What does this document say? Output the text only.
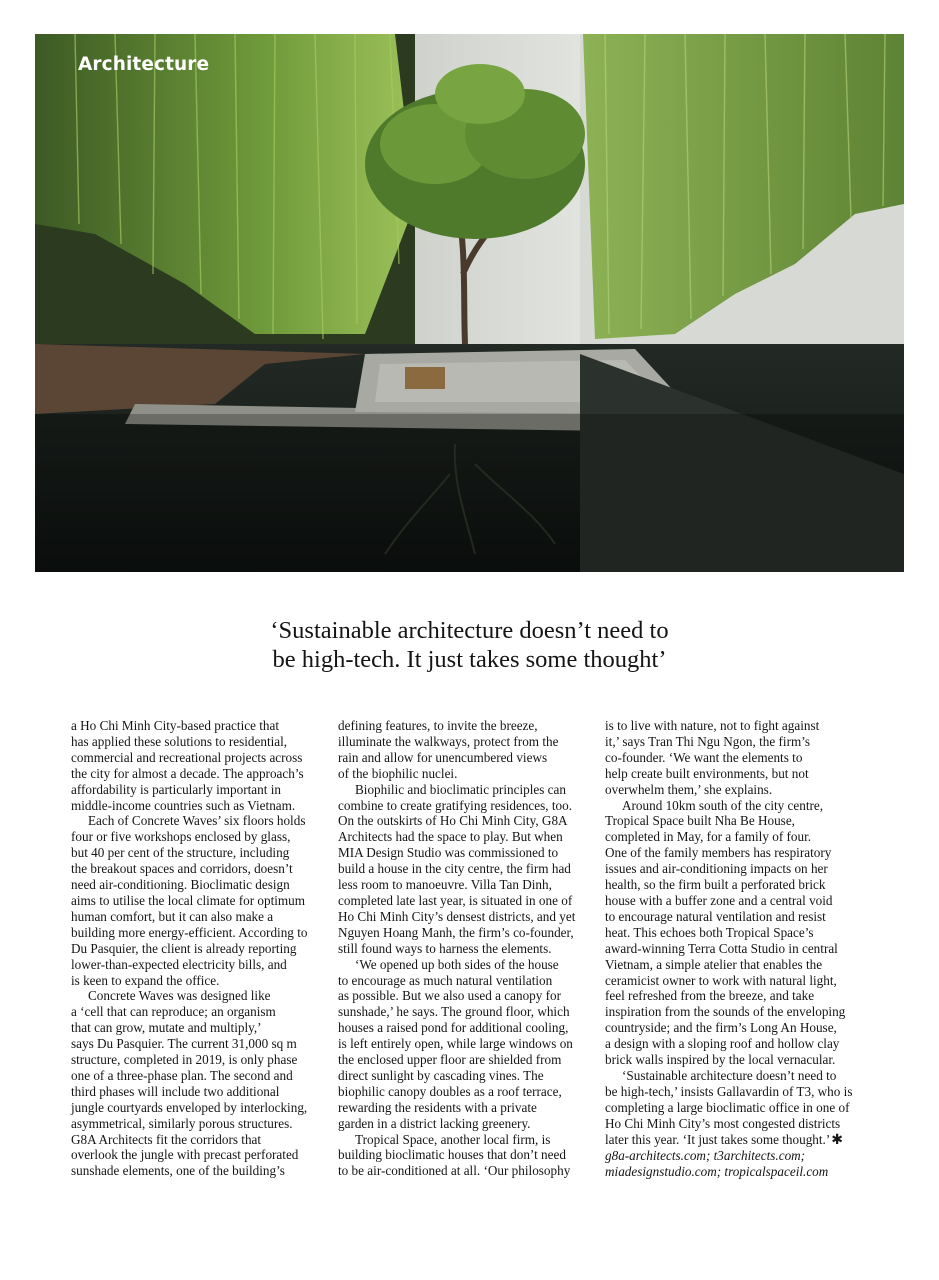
Architecture
‘Sustainable architecture doesn’t need to
be high-tech. It just takes some thought’
a Ho Chi Minh City-based practice that
has applied these solutions to residential,
commercial and recreational projects across
the city for almost a decade. The approach’s
affordability is particularly important in
middle-income countries such as Vietnam.
Each of Concrete Waves’ six floors holds
four or five workshops enclosed by glass,
but 40 per cent of the structure, including
the breakout spaces and corridors, doesn’t
need air-conditioning. Bioclimatic design
aims to utilise the local climate for optimum
human comfort, but it can also make a
building more energy-efficient. According to
Du Pasquier, the client is already reporting
lower-than-expected electricity bills, and
is keen to expand the office.
Concrete Waves was designed like
a ‘cell that can reproduce; an organism
that can grow, mutate and multiply,’
says Du Pasquier. The current 31,000 sq m
structure, completed in 2019, is only phase
one of a three-phase plan. The second and
third phases will include two additional
jungle courtyards enveloped by interlocking,
asymmetrical, similarly porous structures.
G8A Architects fit the corridors that
overlook the jungle with precast perforated
sunshade elements, one of the building’s
defining features, to invite the breeze,
illuminate the walkways, protect from the
rain and allow for unencumbered views
of the biophilic nuclei.
Biophilic and bioclimatic principles can
combine to create gratifying residences, too.
On the outskirts of Ho Chi Minh City, G8A
Architects had the space to play. But when
MIA Design Studio was commissioned to
build a house in the city centre, the firm had
less room to manoeuvre. Villa Tan Dinh,
completed late last year, is situated in one of
Ho Chi Minh City’s densest districts, and yet
Nguyen Hoang Manh, the firm’s co-founder,
still found ways to harness the elements.
‘We opened up both sides of the house
to encourage as much natural ventilation
as possible. But we also used a canopy for
sunshade,’ he says. The ground floor, which
houses a raised pond for additional cooling,
is left entirely open, while large windows on
the enclosed upper floor are shielded from
direct sunlight by cascading vines. The
biophilic canopy doubles as a roof terrace,
rewarding the residents with a private
garden in a district lacking greenery.
Tropical Space, another local firm, is
building bioclimatic houses that don’t need
to be air-conditioned at all. ‘Our philosophy
is to live with nature, not to fight against
it,’ says Tran Thi Ngu Ngon, the firm’s
co-founder. ‘We want the elements to
help create built environments, but not
overwhelm them,’ she explains.
Around 10km south of the city centre,
Tropical Space built Nha Be House,
completed in May, for a family of four.
One of the family members has respiratory
issues and air-conditioning impacts on her
health, so the firm built a perforated brick
house with a buffer zone and a central void
to encourage natural ventilation and resist
heat. This echoes both Tropical Space’s
award-winning Terra Cotta Studio in central
Vietnam, a simple atelier that enables the
ceramicist owner to work with natural light,
feel refreshed from the breeze, and take
inspiration from the sounds of the enveloping
countryside; and the firm’s Long An House,
a design with a sloping roof and hollow clay
brick walls inspired by the local vernacular.
‘Sustainable architecture doesn’t need to
be high-tech,’ insists Gallavardin of T3, who is
completing a large bioclimatic office in one of
Ho Chi Minh City’s most congested districts
later this year. ‘It just takes some thought.’✱
g8a-architects.com; t3architects.com;
miadesignstudio.com; tropicalspaceil.com
